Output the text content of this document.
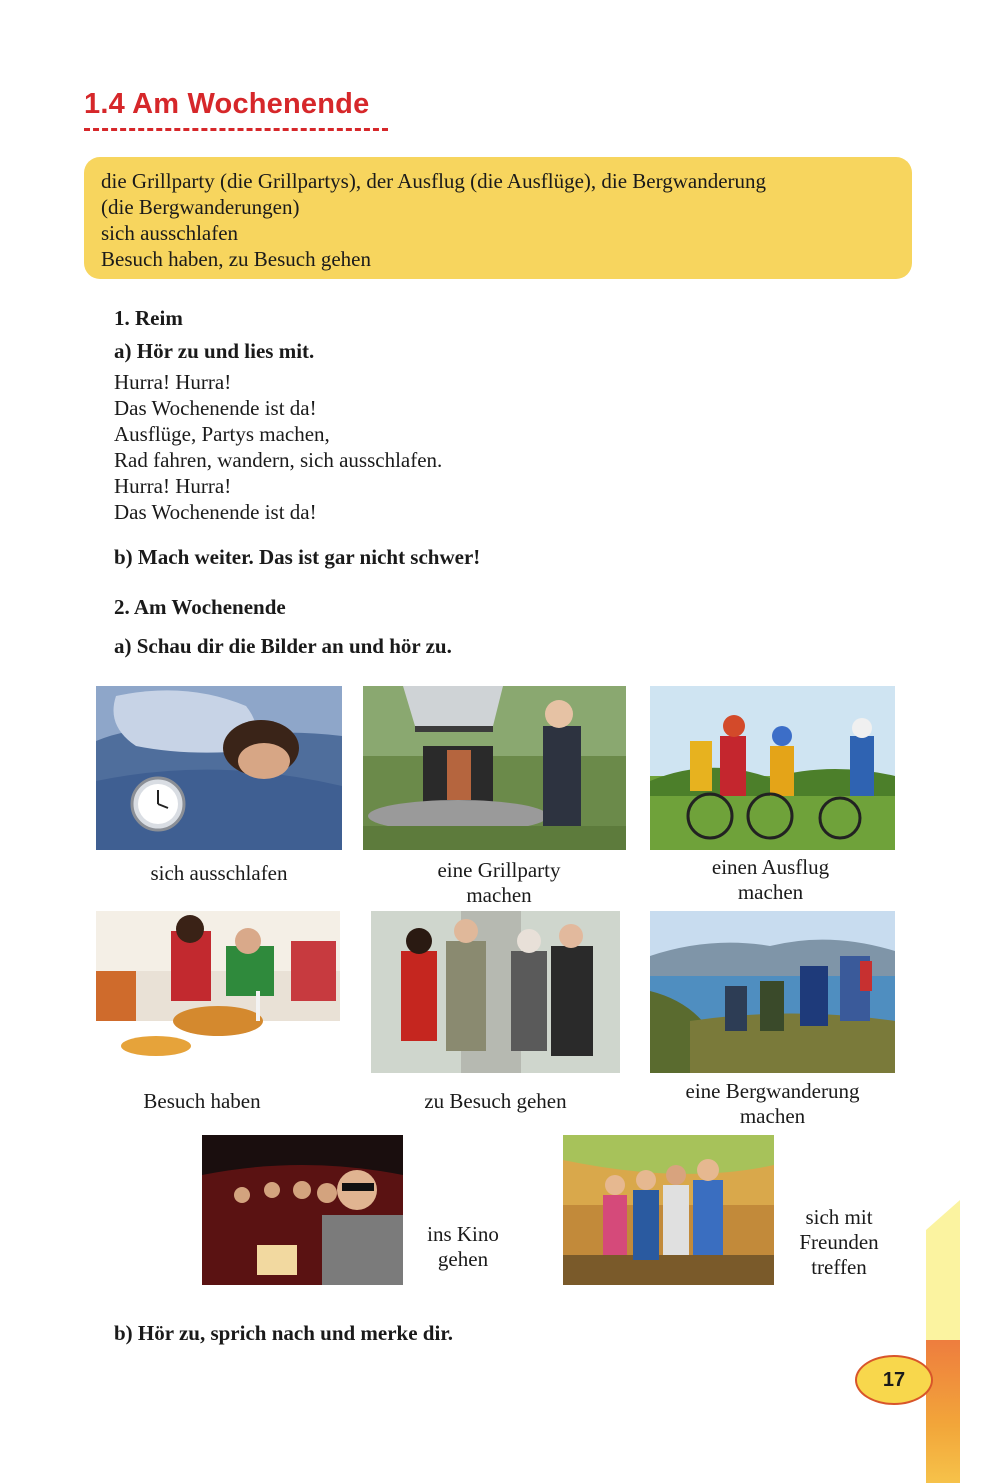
1.4 Am Wochenende
die Grillparty (die Grillpartys), der Ausflug (die Ausflüge), die Bergwanderung
(die Bergwanderungen)
sich ausschlafen
Besuch haben, zu Besuch gehen
1. Reim
a) Hör zu und lies mit.
Hurra! Hurra!
Das Wochenende ist da!
Ausflüge, Partys machen,
Rad fahren, wandern, sich ausschlafen.
Hurra! Hurra!
Das Wochenende ist da!
b) Mach weiter. Das ist gar nicht schwer!
2. Am Wochenende
a) Schau dir die Bilder an und hör zu.
sich ausschlafen	eine Grillparty
machen
einen Ausflug
machen
Besuch haben	zu Besuch gehen	eine Bergwanderung
machen
ins Kino
gehen
sich mit
Freunden
treffen
b) Hör zu, sprich nach und merke dir.
17
